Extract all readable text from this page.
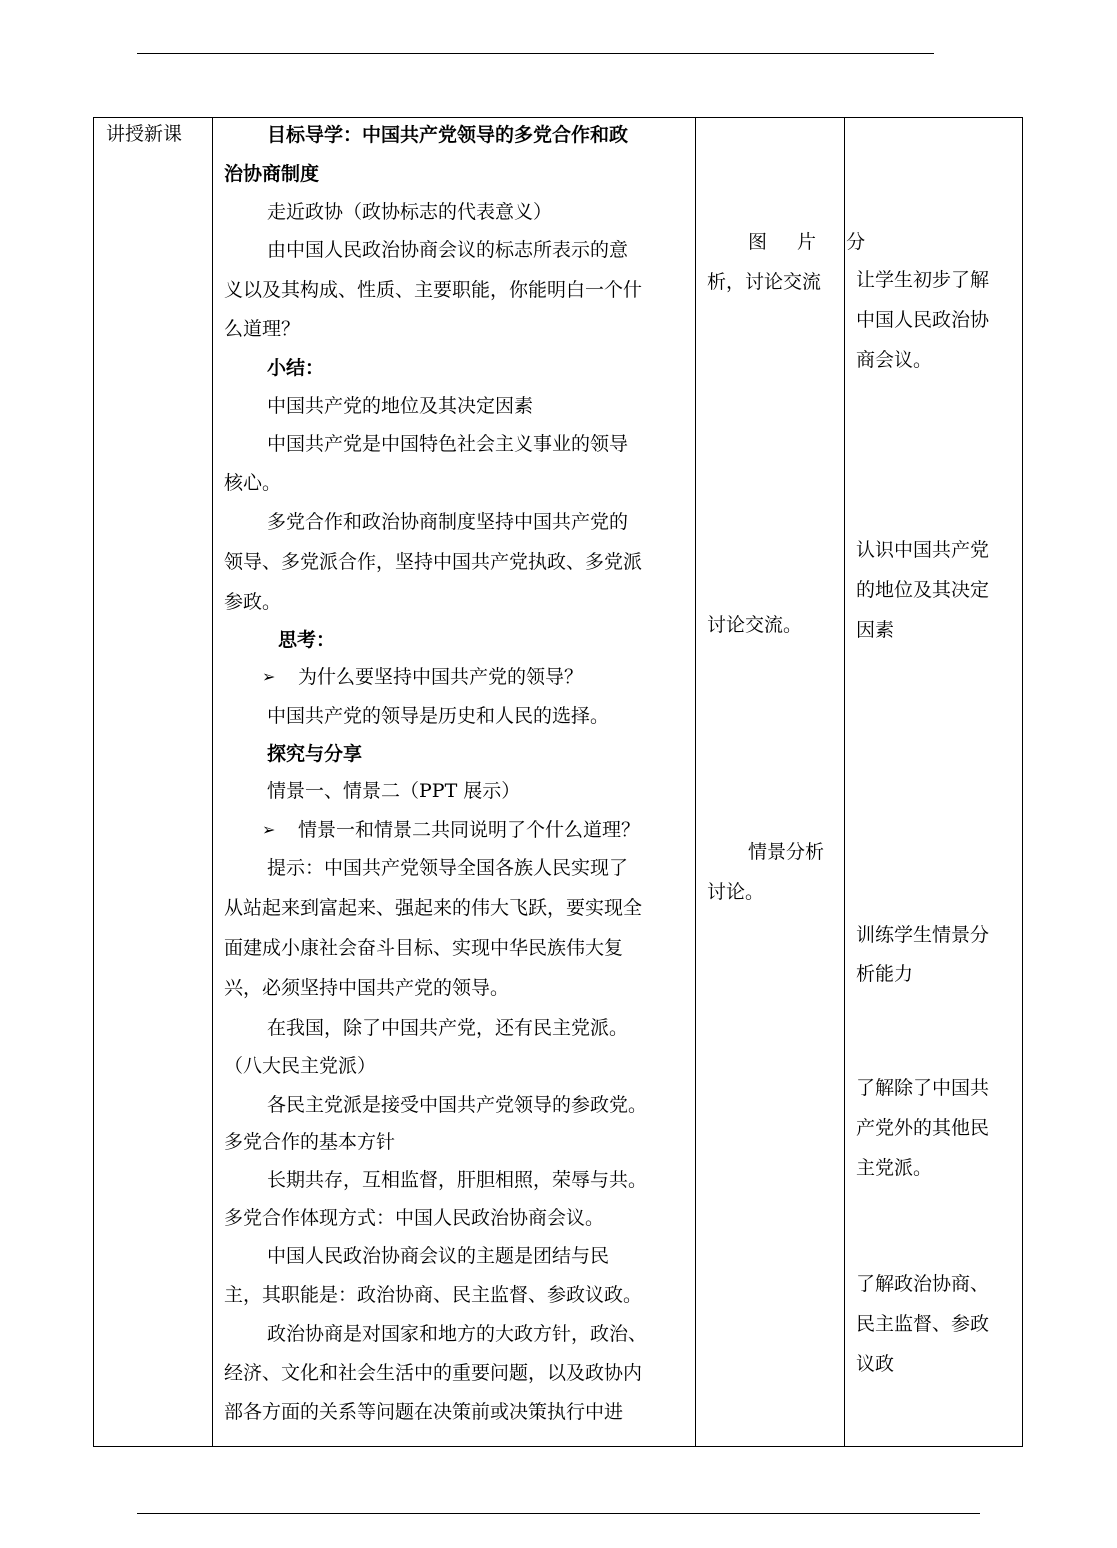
讲授新课	目标导学：中国共产党领导的多党合作和政
治协商制度
走近政协（政协标志的代表意义）
由中国人民政治协商会议的标志所表示的意
义以及其构成、性质、主要职能，你能明白一个什
么道理？
小结：
中国共产党的地位及其决定因素
中国共产党是中国特色社会主义事业的领导
核心。
多党合作和政治协商制度坚持中国共产党的
领导、多党派合作，坚持中国共产党执政、多党派
参政。
思考：
➢ 为什么要坚持中国共产党的领导？
中国共产党的领导是历史和人民的选择。
探究与分享
情景一、情景二（PPT 展示）
➢ 情景一和情景二共同说明了个什么道理？
提示：中国共产党领导全国各族人民实现了
从站起来到富起来、强起来的伟大飞跃，要实现全
面建成小康社会奋斗目标、实现中华民族伟大复
兴，必须坚持中国共产党的领导。
在我国，除了中国共产党，还有民主党派。
（八大民主党派）
各民主党派是接受中国共产党领导的参政党。
多党合作的基本方针
长期共存，互相监督，肝胆相照，荣辱与共。
多党合作体现方式：中国人民政治协商会议。
中国人民政治协商会议的主题是团结与民
主，其职能是：政治协商、民主监督、参政议政。
政治协商是对国家和地方的大政方针，政治、
经济、文化和社会生活中的重要问题，以及政协内
部各方面的关系等问题在决策前或决策执行中进
图 片 分
析，讨论交流
讨论交流。
情景分析
讨论。
让学生初步了解
中国人民政治协
商会议。
认识中国共产党
的地位及其决定
因素
训练学生情景分
析能力
了解除了中国共
产党外的其他民
主党派。
了解政治协商、
民主监督、参政
议政
